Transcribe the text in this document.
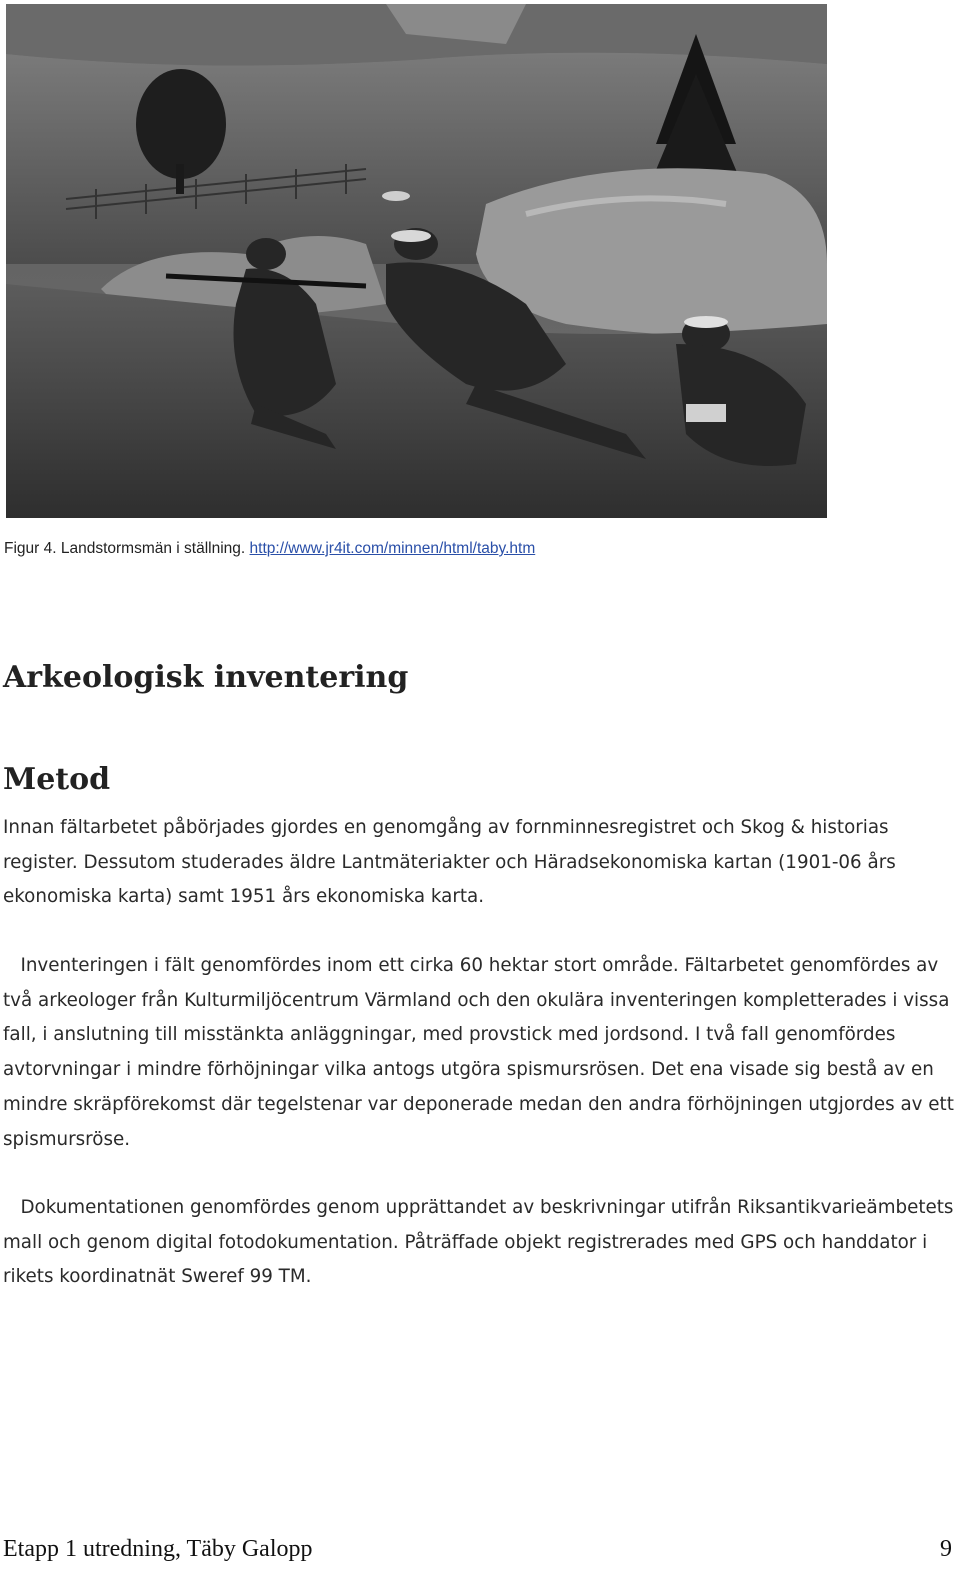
Figur 4. Landstormsmän i ställning. http://www.jr4it.com/minnen/html/taby.htm
Arkeologisk inventering
Metod

Innan fältarbetet påbörjades gjordes en genomgång av fornminnesregistret och Skog & historias register. Dessutom studerades äldre Lantmäteriakter och Häradsekonomiska kartan (1901-06 års ekonomiska karta) samt 1951 års ekonomiska karta.

Inventeringen i fält genomfördes inom ett cirka 60 hektar stort område. Fältarbetet genomfördes av två arkeologer från Kulturmiljöcentrum Värmland och den okulära inventeringen kompletterades i vissa fall, i anslutning till misstänkta anläggningar, med provstick med jordsond. I två fall genomfördes avtorvningar i mindre förhöjningar vilka antogs utgöra spismursrösen. Det ena visade sig bestå av en mindre skräpförekomst där tegelstenar var deponerade medan den andra förhöjningen utgjordes av ett spismursröse.

Dokumentationen genomfördes genom upprättandet av beskrivningar utifrån Riksantikvarieämbetets mall och genom digital fotodokumentation. Påträffade objekt registrerades med GPS och handdator i rikets koordinatnät Sweref 99 TM.

Etapp 1 utredning, Täby Galopp	9
